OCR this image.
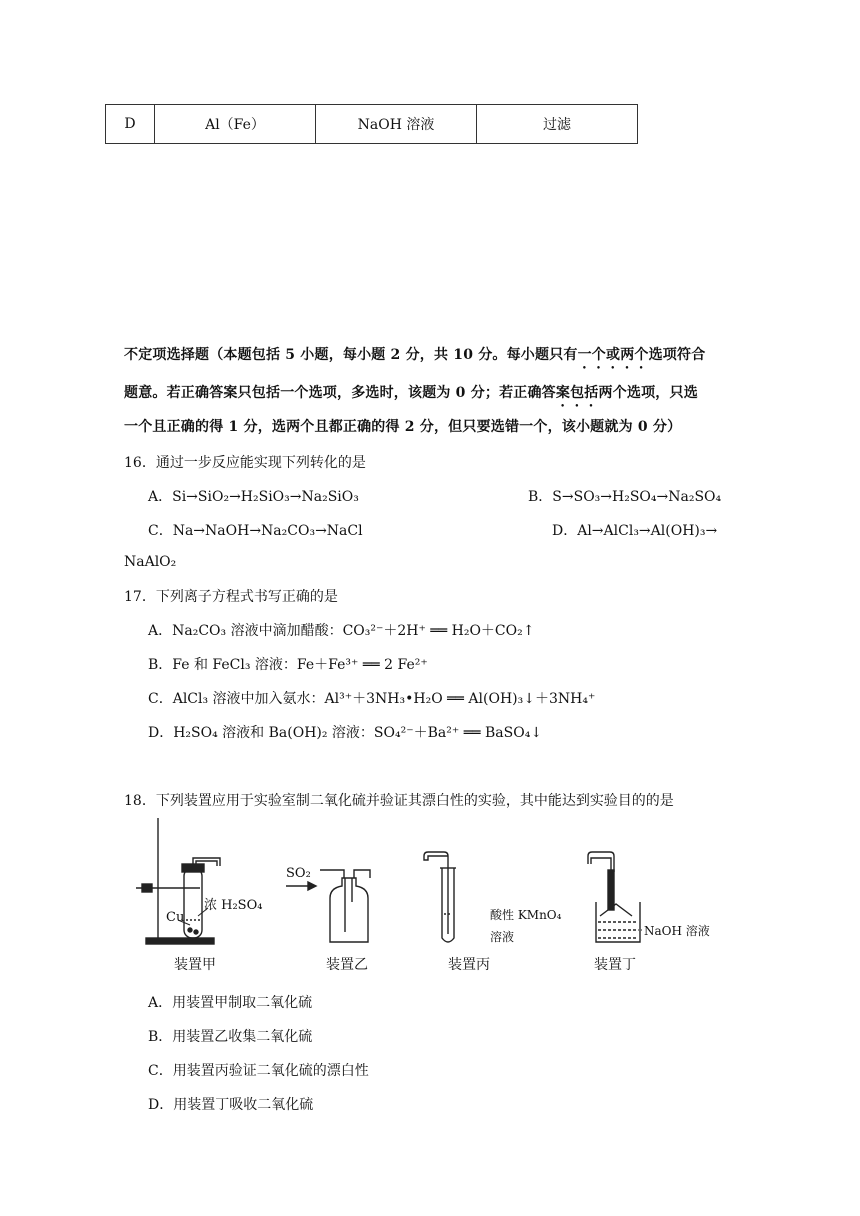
D	Al（Fe）	NaOH 溶液	过滤
不定项选择题（本题包括 5 小题，每小题 2 分，共 10 分。每小题只有一个或两个选项符合
题意。若正确答案只包括一个选项，多选时，该题为 0 分；若正确答案包括两个选项，只选
一个且正确的得 1 分，选两个且都正确的得 2 分，但只要选错一个，该小题就为 0 分）
16．通过一步反应能实现下列转化的是
A．Si→SiO₂→H₂SiO₃→Na₂SiO₃	B．S→SO₃→H₂SO₄→Na₂SO₄
C．Na→NaOH→Na₂CO₃→NaCl	D．Al→AlCl₃→Al(OH)₃→
NaAlO₂
17．下列离子方程式书写正确的是
A．Na₂CO₃ 溶液中滴加醋酸：CO₃²⁻＋2H⁺ ══ H₂O＋CO₂↑
B．Fe 和 FeCl₃ 溶液：Fe＋Fe³⁺ ══ 2 Fe²⁺
C．AlCl₃ 溶液中加入氨水：Al³⁺＋3NH₃•H₂O ══ Al(OH)₃↓＋3NH₄⁺
D．H₂SO₄ 溶液和 Ba(OH)₂ 溶液：SO₄²⁻＋Ba²⁺ ══ BaSO₄↓
18．下列装置应用于实验室制二氧化硫并验证其漂白性的实验，其中能达到实验目的的是
Cu
浓 H₂SO₄
SO₂
酸性 KMnO₄
溶液	NaOH 溶液
装置甲	装置乙	装置丙	装置丁
A．用装置甲制取二氧化硫
B．用装置乙收集二氧化硫
C．用装置丙验证二氧化硫的漂白性
D．用装置丁吸收二氧化硫
